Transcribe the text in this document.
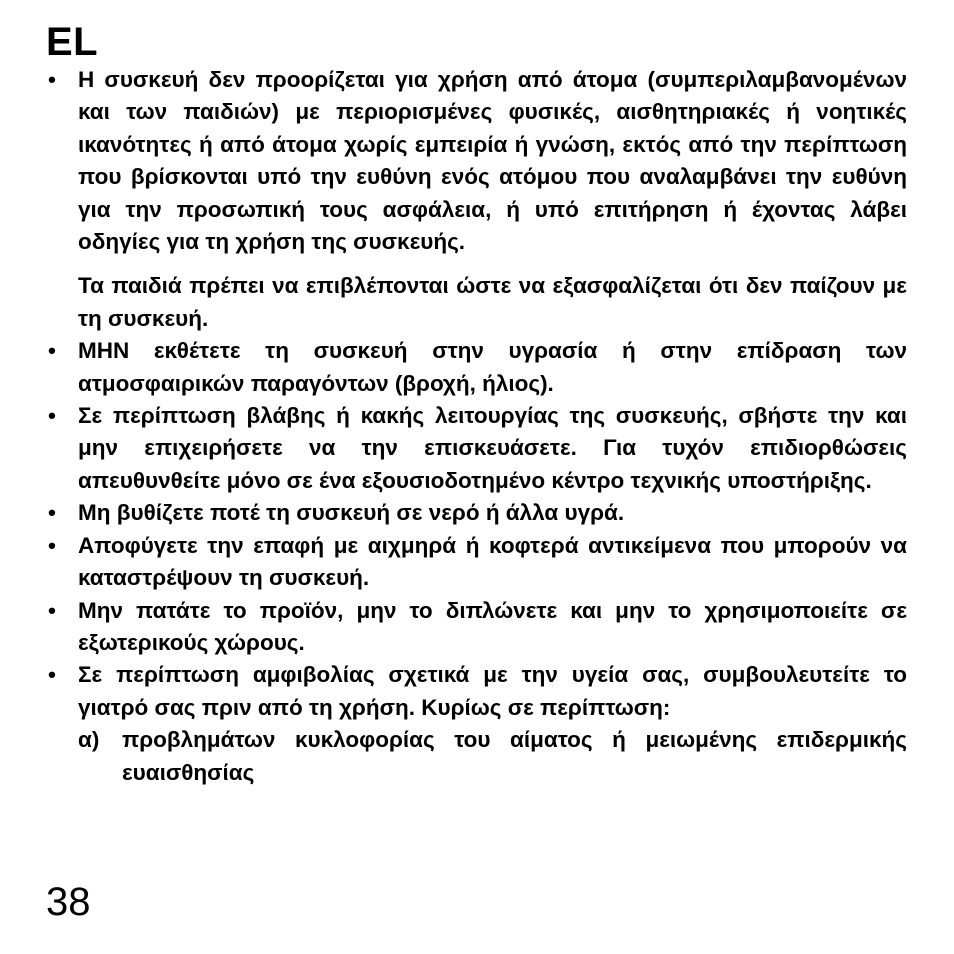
EL
• Η συσκευή δεν προορίζεται για χρήση από άτομα (συμπεριλαμβανομένων και των παιδιών) με περιορισμένες φυσικές, αισθητηριακές ή νοητικές ικανότητες ή από άτομα χωρίς εμπειρία ή γνώση, εκτός από την περίπτωση που βρίσκονται υπό την ευθύνη ενός ατόμου που αναλαμβάνει την ευθύνη για την προσωπική τους ασφάλεια, ή υπό επιτήρηση ή έχοντας λάβει οδηγίες για τη χρήση της συσκευής.

Τα παιδιά πρέπει να επιβλέπονται ώστε να εξασφαλίζεται ότι δεν παίζουν με τη συσκευή.

• ΜΗΝ εκθέτετε τη συσκευή στην υγρασία ή στην επίδραση των ατμοσφαιρικών παραγόντων (βροχή, ήλιος).

• Σε περίπτωση βλάβης ή κακής λειτουργίας της συσκευής, σβήστε την και μην επιχειρήσετε να την επισκευάσετε. Για τυχόν επιδιορθώσεις απευθυνθείτε μόνο σε ένα εξουσιοδοτημένο κέντρο τεχνικής υποστήριξης.

• Μη βυθίζετε ποτέ τη συσκευή σε νερό ή άλλα υγρά.

• Αποφύγετε την επαφή με αιχμηρά ή κοφτερά αντικείμενα που μπορούν να καταστρέψουν τη συσκευή.

• Μην πατάτε το προϊόν, μην το διπλώνετε και μην το χρησιμοποιείτε σε εξωτερικούς χώρους.

• Σε περίπτωση αμφιβολίας σχετικά με την υγεία σας, συμβουλευτείτε το γιατρό σας πριν από τη χρήση. Κυρίως σε περίπτωση:

α) προβλημάτων κυκλοφορίας του αίματος ή μειωμένης επιδερμικής ευαισθησίας

38
